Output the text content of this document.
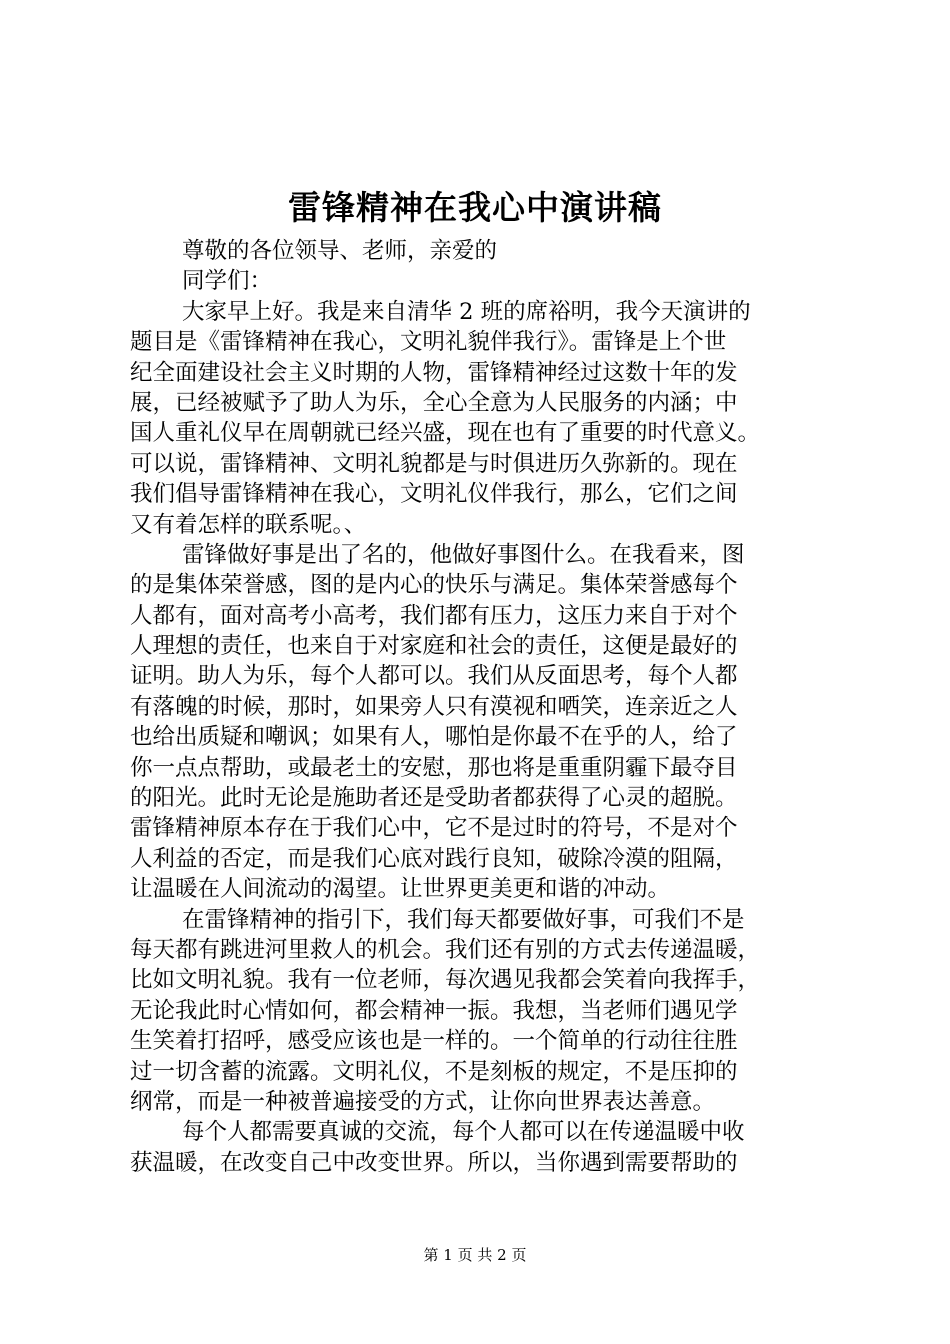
雷锋精神在我心中演讲稿
尊敬的各位领导、老师，亲爱的
同学们：
大家早上好。我是来自清华 2 班的席裕明，我今天演讲的
题目是《雷锋精神在我心，文明礼貌伴我行》。雷锋是上个世
纪全面建设社会主义时期的人物，雷锋精神经过这数十年的发
展，已经被赋予了助人为乐，全心全意为人民服务的内涵；中
国人重礼仪早在周朝就已经兴盛，现在也有了重要的时代意义。
可以说，雷锋精神、文明礼貌都是与时俱进历久弥新的。现在
我们倡导雷锋精神在我心，文明礼仪伴我行，那么，它们之间
又有着怎样的联系呢。、
雷锋做好事是出了名的，他做好事图什么。在我看来，图
的是集体荣誉感，图的是内心的快乐与满足。集体荣誉感每个
人都有，面对高考小高考，我们都有压力，这压力来自于对个
人理想的责任，也来自于对家庭和社会的责任，这便是最好的
证明。助人为乐，每个人都可以。我们从反面思考，每个人都
有落魄的时候，那时，如果旁人只有漠视和哂笑，连亲近之人
也给出质疑和嘲讽；如果有人，哪怕是你最不在乎的人，给了
你一点点帮助，或最老土的安慰，那也将是重重阴霾下最夺目
的阳光。此时无论是施助者还是受助者都获得了心灵的超脱。
雷锋精神原本存在于我们心中，它不是过时的符号，不是对个
人利益的否定，而是我们心底对践行良知，破除冷漠的阻隔，
让温暖在人间流动的渴望。让世界更美更和谐的冲动。
在雷锋精神的指引下，我们每天都要做好事，可我们不是
每天都有跳进河里救人的机会。我们还有别的方式去传递温暖，
比如文明礼貌。我有一位老师，每次遇见我都会笑着向我挥手，
无论我此时心情如何，都会精神一振。我想，当老师们遇见学
生笑着打招呼，感受应该也是一样的。一个简单的行动往往胜
过一切含蓄的流露。文明礼仪，不是刻板的规定，不是压抑的
纲常，而是一种被普遍接受的方式，让你向世界表达善意。
每个人都需要真诚的交流，每个人都可以在传递温暖中收
获温暖，在改变自己中改变世界。所以，当你遇到需要帮助的
第 1 页 共 2 页
